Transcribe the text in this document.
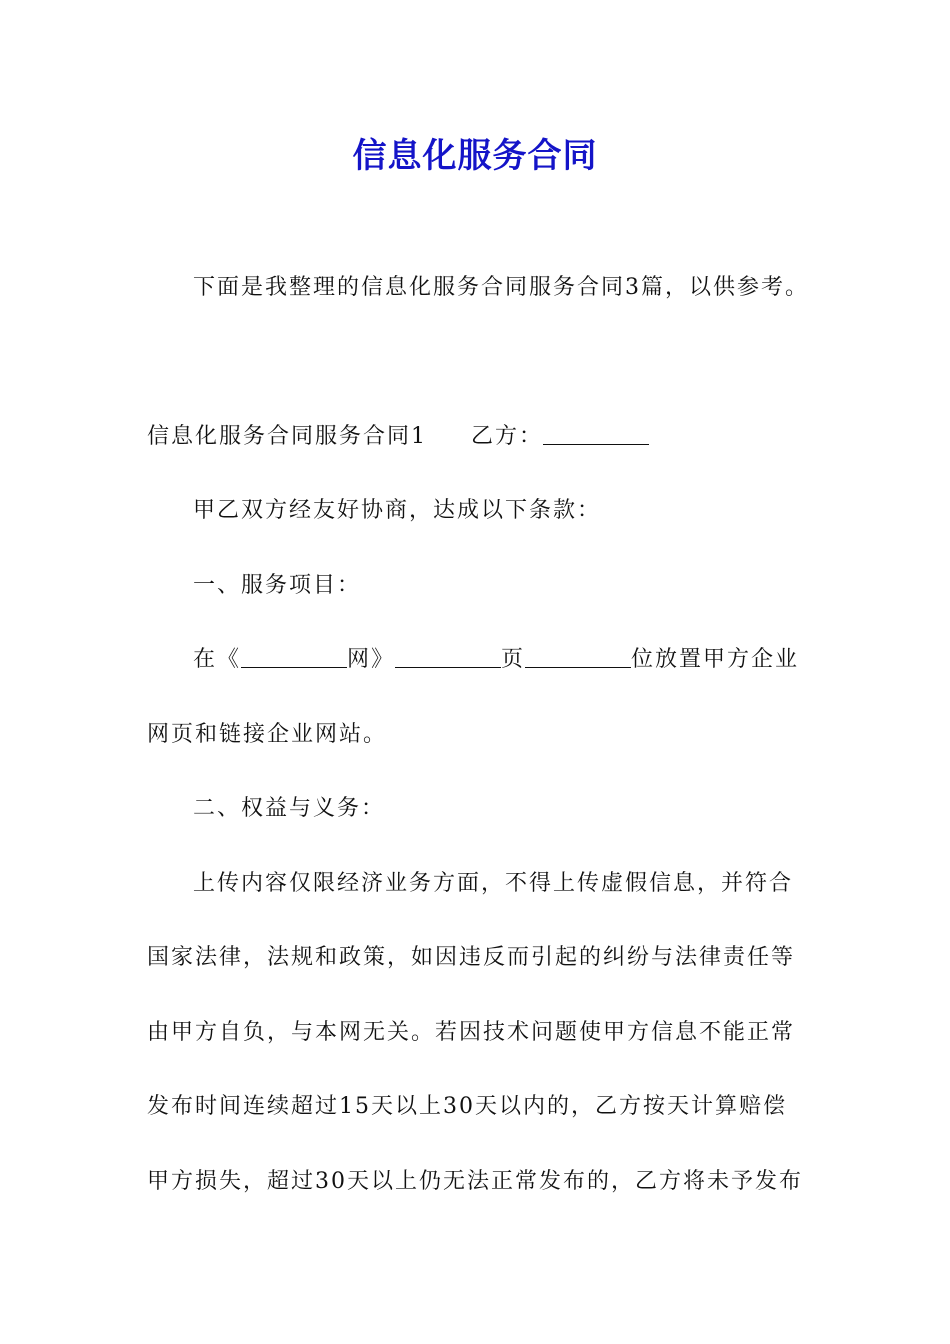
信息化服务合同
下面是我整理的信息化服务合同服务合同3篇，以供参考。
信息化服务合同服务合同1 乙方：
甲乙双方经友好协商，达成以下条款：
一、服务项目：
在《	网》	页	位放置甲方企业
网页和链接企业网站。
二、权益与义务：
上传内容仅限经济业务方面，不得上传虚假信息，并符合
国家法律，法规和政策，如因违反而引起的纠纷与法律责任等
由甲方自负，与本网无关。若因技术问题使甲方信息不能正常
发布时间连续超过15天以上30天以内的，乙方按天计算赔偿
甲方损失，超过30天以上仍无法正常发布的，乙方将未予发布
